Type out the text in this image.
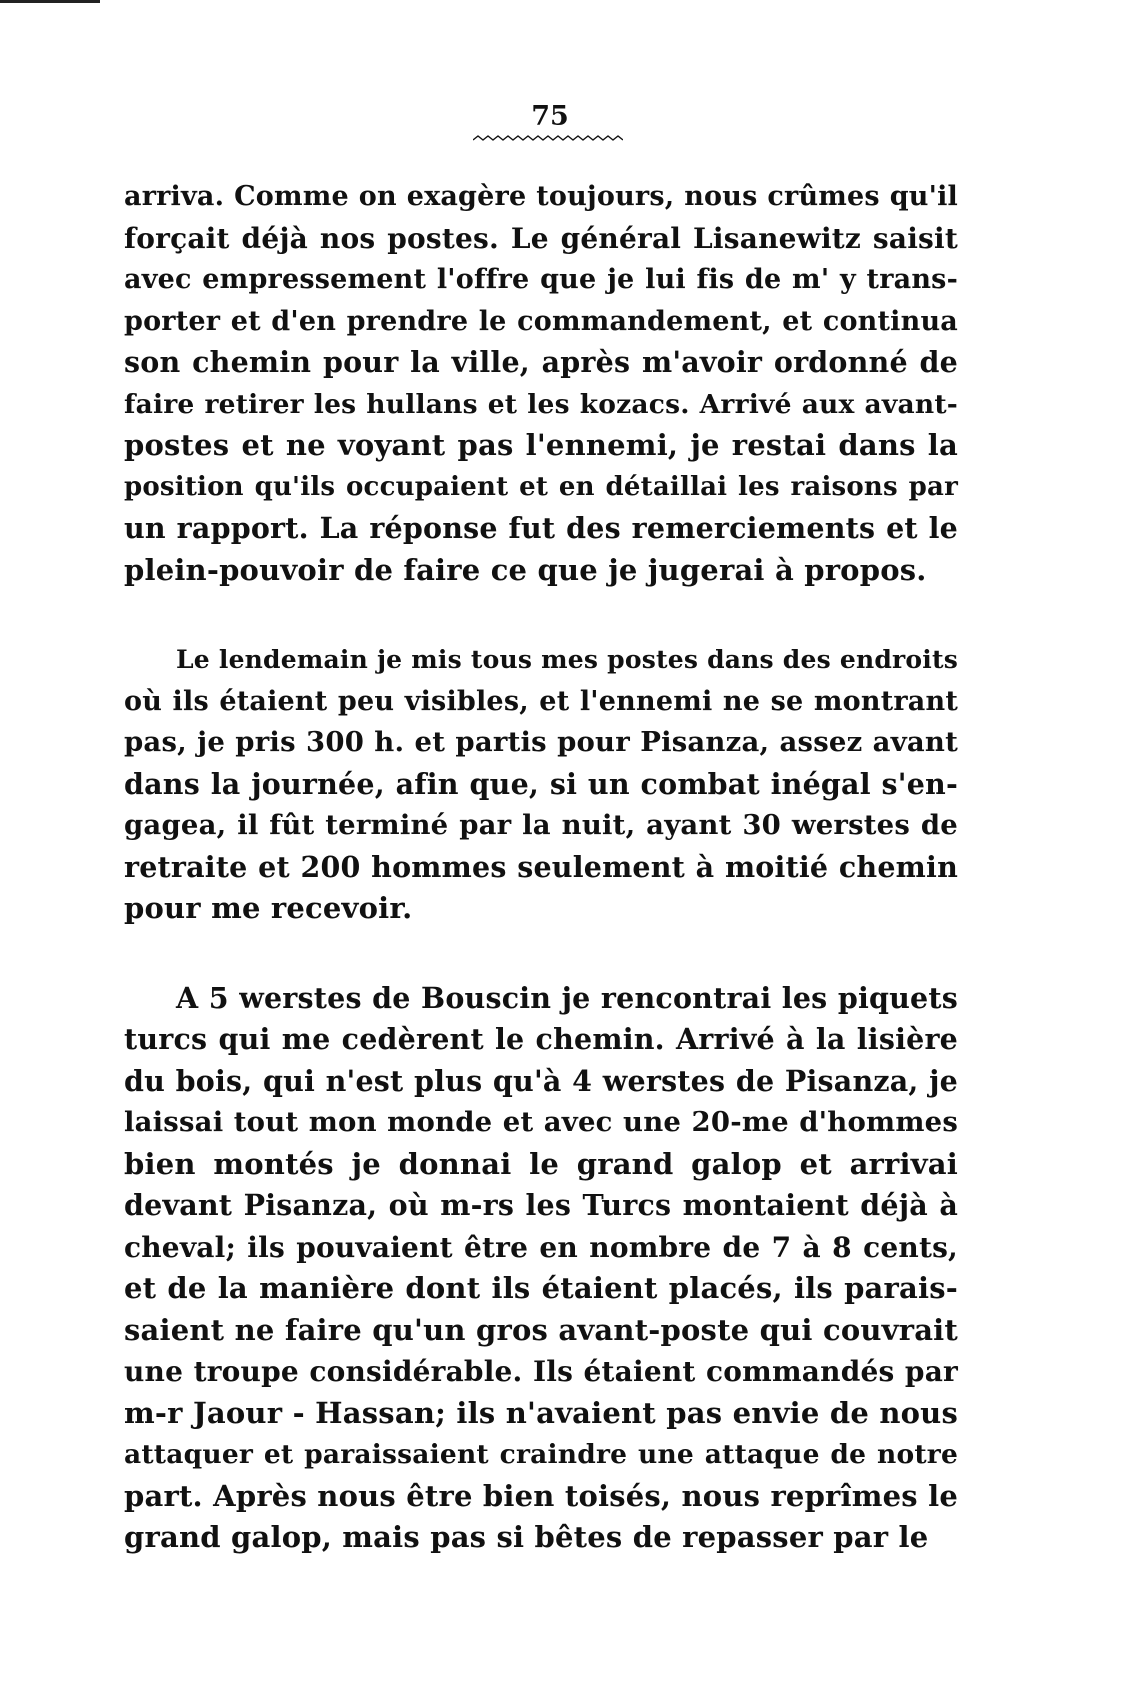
75
arriva. Comme on exagère toujours, nous crûmes qu'il
forçait déjà nos postes. Le général Lisanewitz saisit
avec empressement l'offre que je lui fis de m' y trans-
porter et d'en prendre le commandement, et continua
son chemin pour la ville, après m'avoir ordonné de
faire retirer les hullans et les kozacs. Arrivé aux avant-
postes et ne voyant pas l'ennemi, je restai dans la
position qu'ils occupaient et en détaillai les raisons par
un rapport. La réponse fut des remerciements et le
plein-pouvoir de faire ce que je jugerai à propos.
Le lendemain je mis tous mes postes dans des endroits
où ils étaient peu visibles, et l'ennemi ne se montrant
pas, je pris 300 h. et partis pour Pisanza, assez avant
dans la journée, afin que, si un combat inégal s'en-
gagea, il fût terminé par la nuit, ayant 30 werstes de
retraite et 200 hommes seulement à moitié chemin
pour me recevoir.
A 5 werstes de Bouscin je rencontrai les piquets
turcs qui me cedèrent le chemin. Arrivé à la lisière
du bois, qui n'est plus qu'à 4 werstes de Pisanza, je
laissai tout mon monde et avec une 20-me d'hommes
bien montés je donnai le grand galop et arrivai
devant Pisanza, où m-rs les Turcs montaient déjà à
cheval; ils pouvaient être en nombre de 7 à 8 cents,
et de la manière dont ils étaient placés, ils parais-
saient ne faire qu'un gros avant-poste qui couvrait
une troupe considérable. Ils étaient commandés par
m-r Jaour - Hassan; ils n'avaient pas envie de nous
attaquer et paraissaient craindre une attaque de notre
part. Après nous être bien toisés, nous reprîmes le
grand galop, mais pas si bêtes de repasser par le
